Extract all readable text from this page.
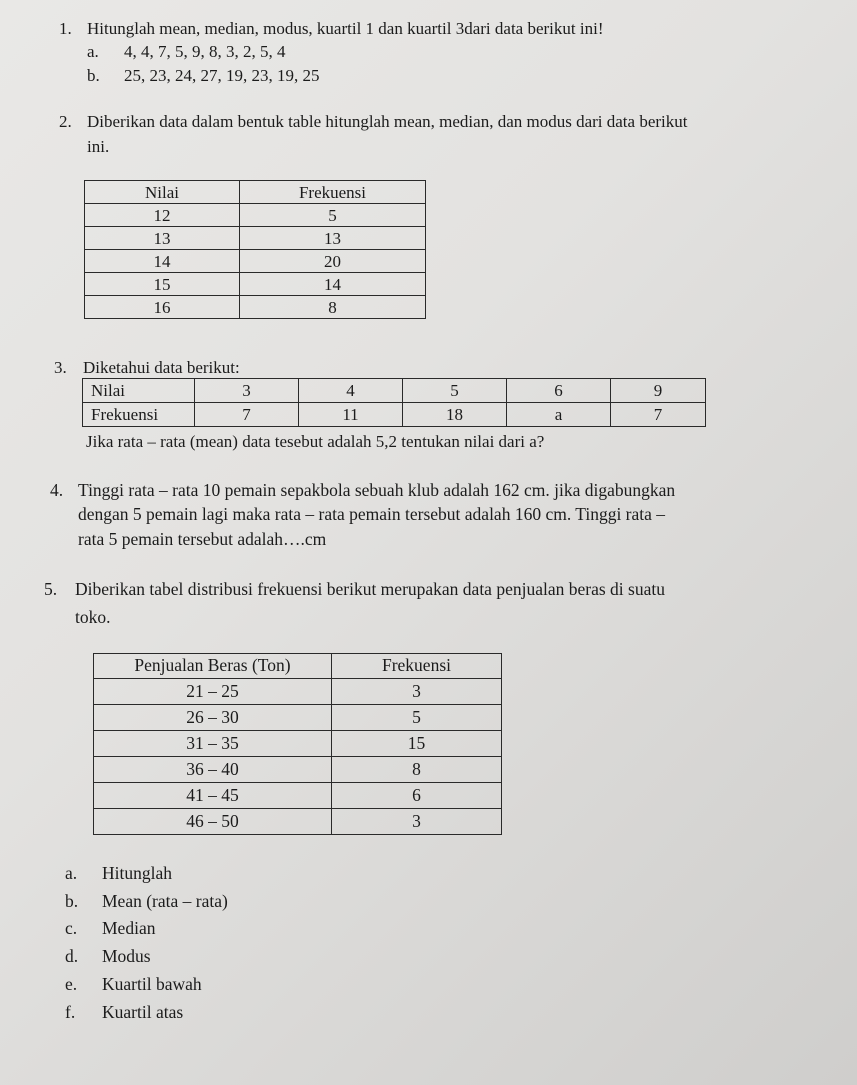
1. Hitunglah mean, median, modus, kuartil 1 dan kuartil 3dari data berikut ini!
a. 4, 4, 7, 5, 9, 8, 3, 2, 5, 4
b. 25, 23, 24, 27, 19, 23, 19, 25
2. Diberikan data dalam bentuk table hitunglah mean, median, dan modus dari data berikut
ini.
Nilai	Frekuensi
12	5
13	13
14	20
15	14
16	8
3. Diketahui data berikut:
Nilai	3	4	5	6	9
Frekuensi	7	11	18	a	7
Jika rata – rata (mean) data tesebut adalah 5,2 tentukan nilai dari a?
4. Tinggi rata – rata 10 pemain sepakbola sebuah klub adalah 162 cm. jika digabungkan
dengan 5 pemain lagi maka rata – rata pemain tersebut adalah 160 cm. Tinggi rata –
rata 5 pemain tersebut adalah….cm
5. Diberikan tabel distribusi frekuensi berikut merupakan data penjualan beras di suatu
toko.
Penjualan Beras (Ton)	Frekuensi
21 – 25	3
26 – 30	5
31 – 35	15
36 – 40	8
41 – 45	6
46 – 50	3
a. Hitunglah
b. Mean (rata – rata)
c. Median
d. Modus
e. Kuartil bawah
f. Kuartil atas
